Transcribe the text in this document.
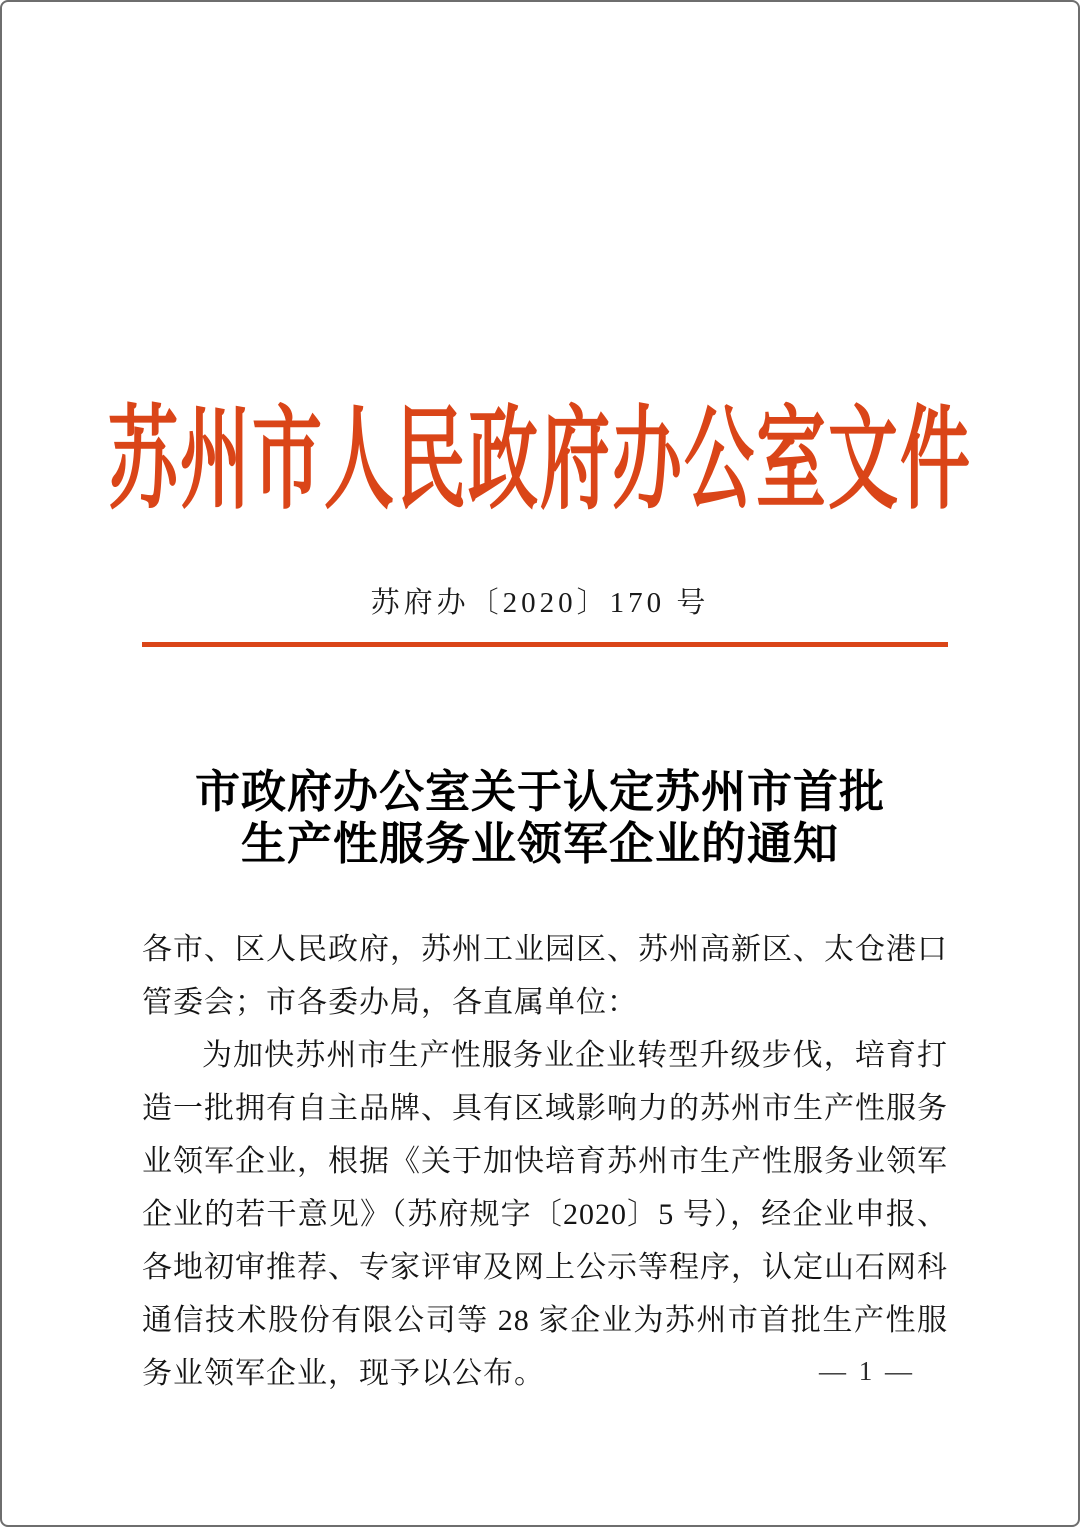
苏州市人民政府办公室文件
苏府办〔2020〕170 号
市政府办公室关于认定苏州市首批
生产性服务业领军企业的通知

各市、区人民政府，苏州工业园区、苏州高新区、太仓港口管委会；市各委办局，各直属单位：

为加快苏州市生产性服务业企业转型升级步伐，培育打造一批拥有自主品牌、具有区域影响力的苏州市生产性服务业领军企业，根据《关于加快培育苏州市生产性服务业领军企业的若干意见》（苏府规字〔2020〕5 号），经企业申报、各地初审推荐、专家评审及网上公示等程序，认定山石网科通信技术股份有限公司等 28 家企业为苏州市首批生产性服务业领军企业，现予以公布。	— 1 —
